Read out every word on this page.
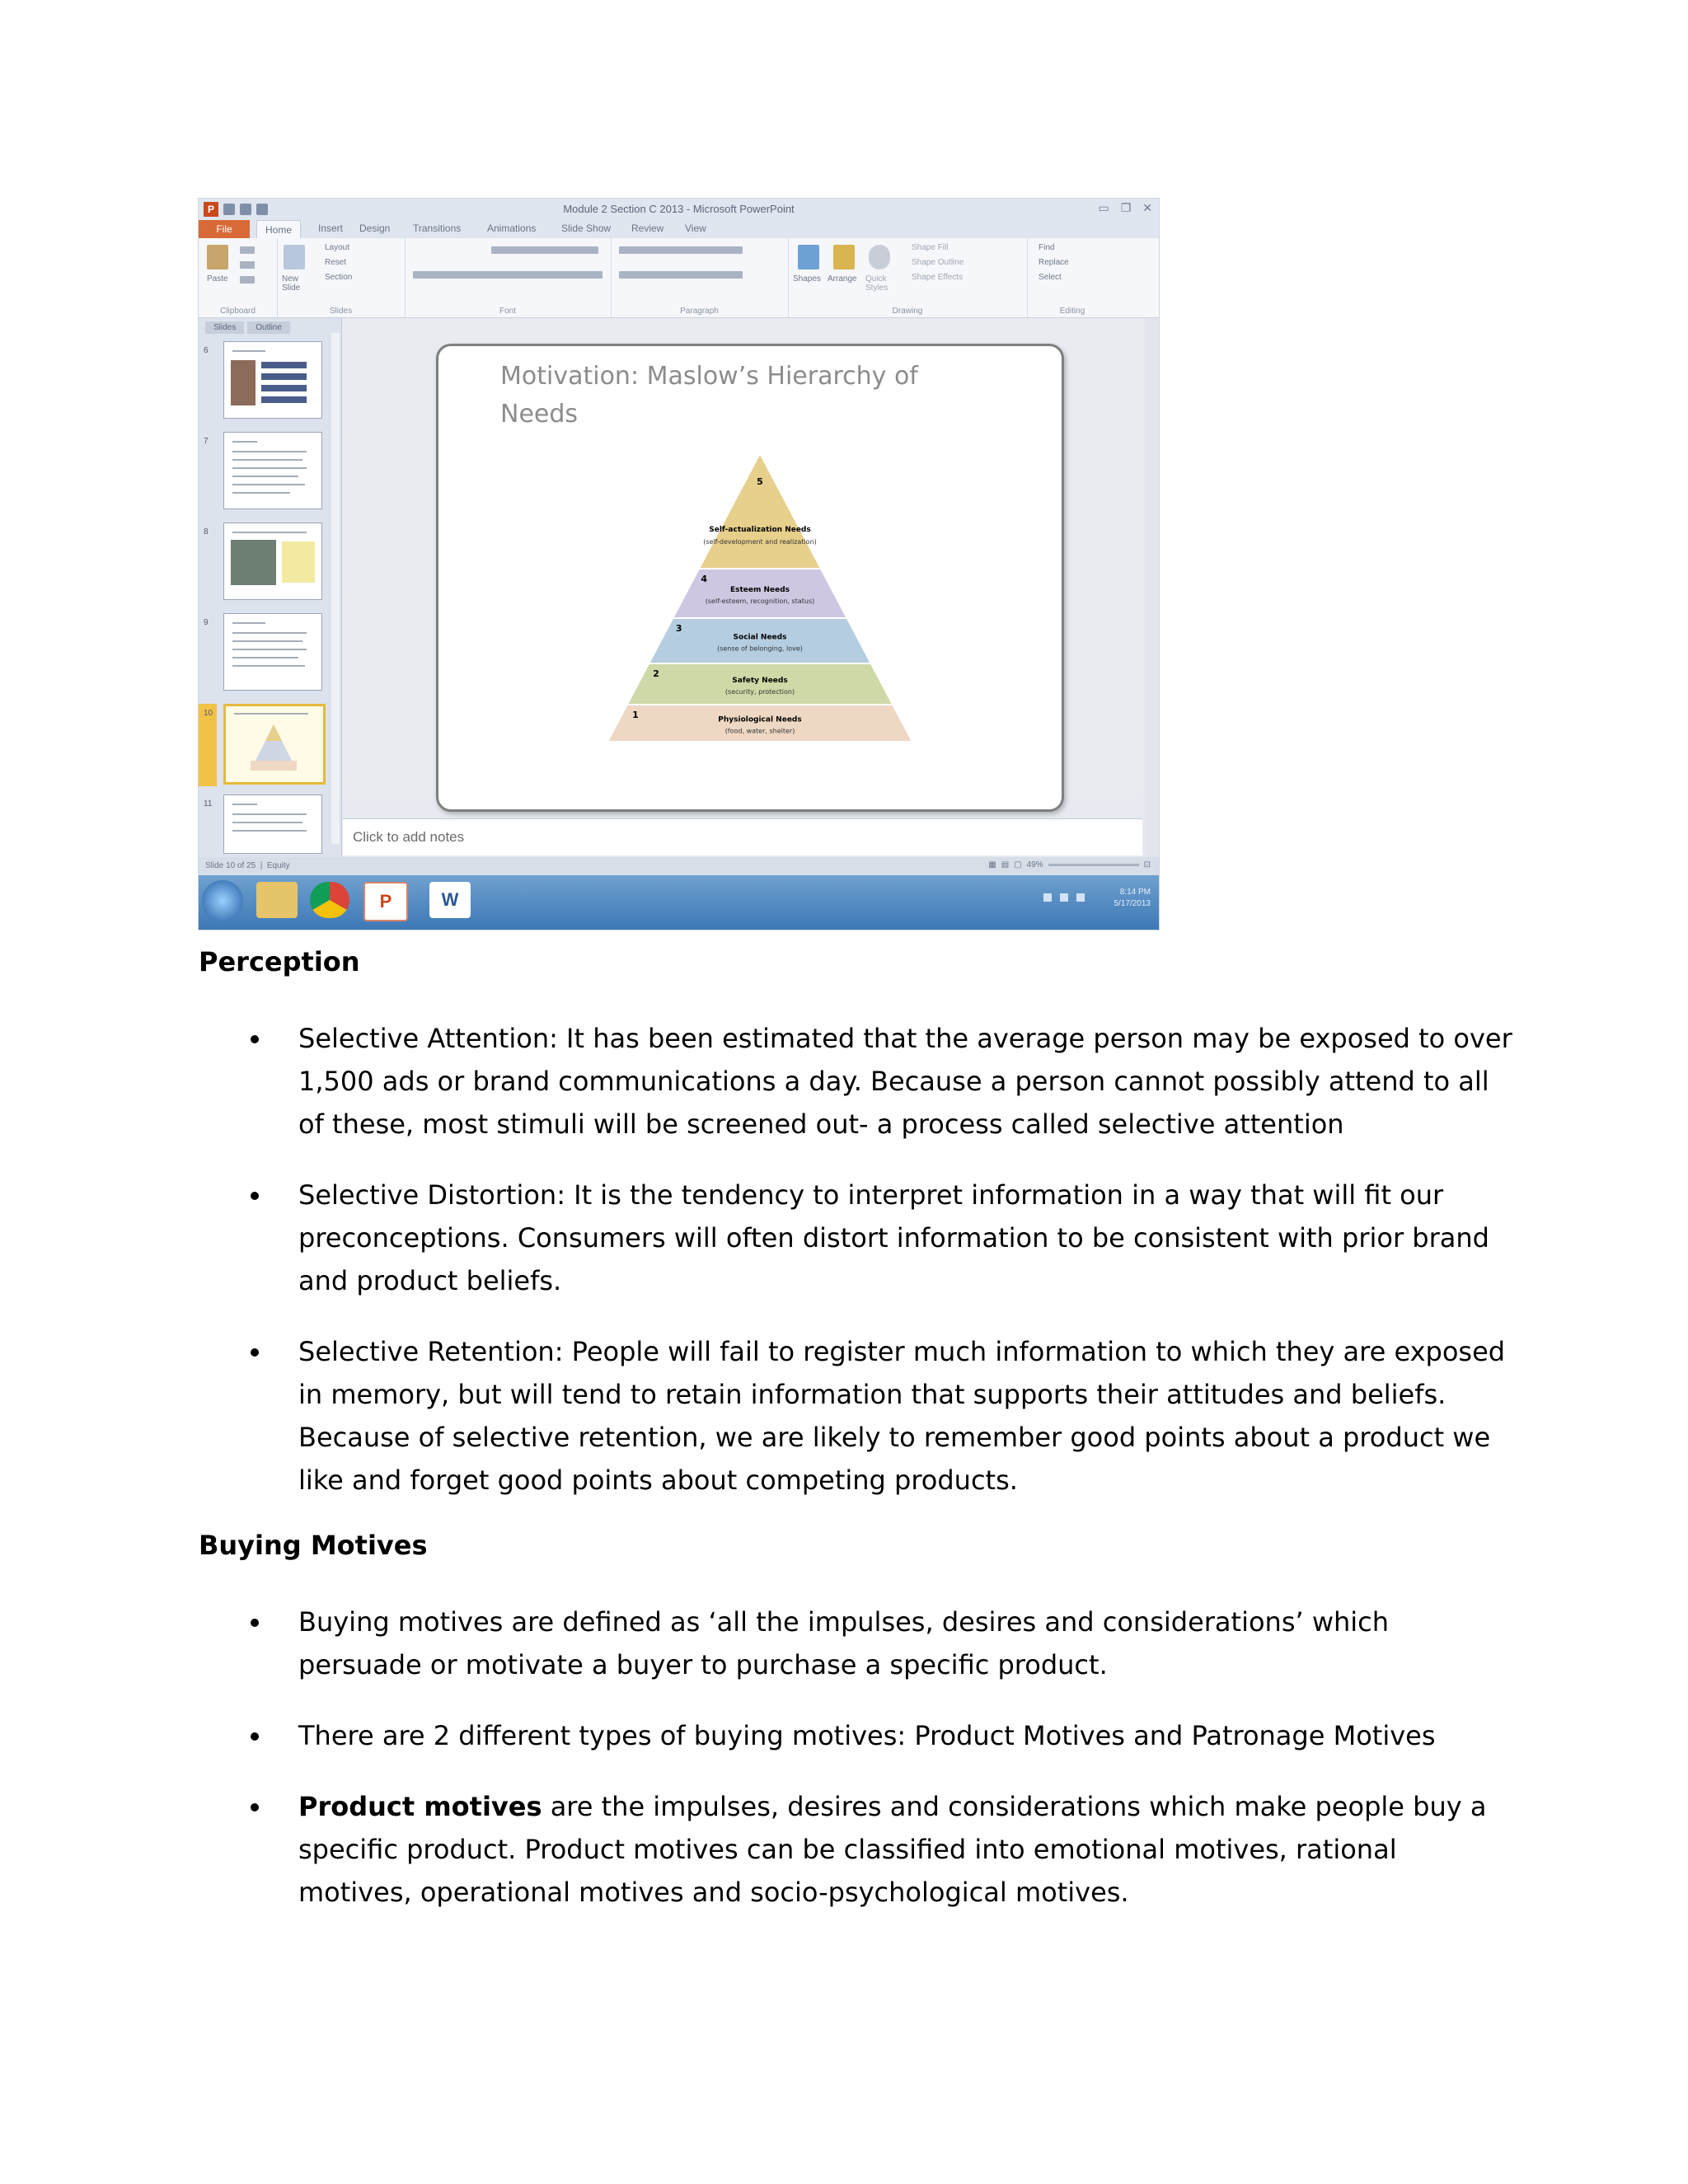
P	Module 2 Section C 2013 - Microsoft PowerPoint	▭ ❐ ✕
File	Home	Insert Design Transitions	Animations	Slide Show Review View
Paste
Clipboard
New Slide
Layout
Reset
Section
Slides	Font	Paragraph
Shapes Arrange Quick Styles
Shape Fill
Shape Outline
Shape Effects
Drawing
Find
Replace
Select
Editing
Slides	Outline
6
7
8
9
10
11
Motivation: Maslow’s Hierarchy of
Needs
5
Self-actualization Needs
(self-development and realization)
4
Esteem Needs
(self-esteem, recognition, status)
3
Social Needs
(sense of belonging, love)
2
Safety Needs
(security, protection)
1	Physiological Needs
(food, water, shelter)
Click to add notes
Slide 10 of 25  |  Equity	▦ ▤ ▢ 49%	⊡
P	W	8:14 PM
5/17/2013
Perception
Selective Attention: It has been estimated that the average person may be exposed to over 1,500 ads or brand communications a day. Because a person cannot possibly attend to all of these, most stimuli will be screened out- a process called selective attention
Selective Distortion: It is the tendency to interpret information in a way that will fit our preconceptions. Consumers will often distort information to be consistent with prior brand and product beliefs.
Selective Retention: People will fail to register much information to which they are exposed in memory, but will tend to retain information that supports their attitudes and beliefs. Because of selective retention, we are likely to remember good points about a product we like and forget good points about competing products.
Buying Motives
Buying motives are defined as ‘all the impulses, desires and considerations’ which persuade or motivate a buyer to purchase a specific product.
There are 2 different types of buying motives: Product Motives and Patronage Motives
Product motives are the impulses, desires and considerations which make people buy a specific product. Product motives can be classified into emotional motives, rational motives, operational motives and socio-psychological motives.
